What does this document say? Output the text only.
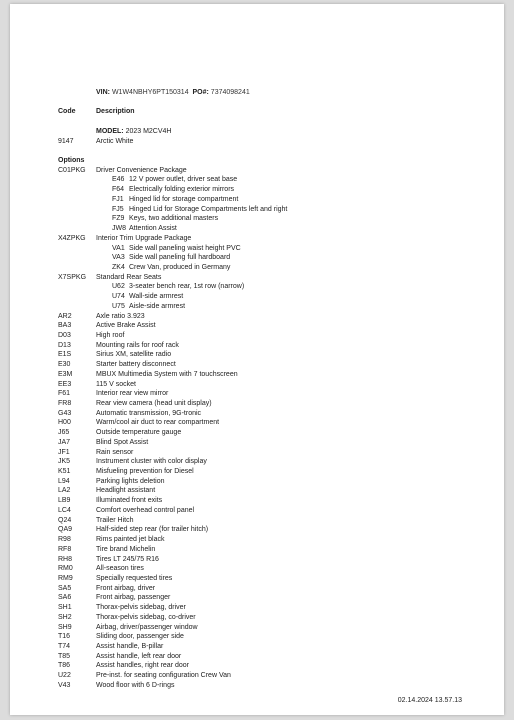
VIN: W1W4NBHY6PT150314 PO#: 7374098241
Code	Description
MODEL: 2023 M2CV4H
9147	Arctic White
Options
C01PKG	Driver Convenience Package
E46 12 V power outlet, driver seat base
F64 Electrically folding exterior mirrors
FJ1 Hinged lid for storage compartment
FJ5 Hinged Lid for Storage Compartments left and right
FZ9 Keys, two additional masters
JW8 Attention Assist
X4ZPKG	Interior Trim Upgrade Package
VA1 Side wall paneling waist height PVC
VA3 Side wall paneling full hardboard
ZK4 Crew Van, produced in Germany
X7SPKG	Standard Rear Seats
U62 3-seater bench rear, 1st row (narrow)
U74 Wall-side armrest
U75 Aisle-side armrest
AR2	Axle ratio 3.923
BA3	Active Brake Assist
D03	High roof
D13	Mounting rails for roof rack
E1S	Sirius XM, satellite radio
E30	Starter battery disconnect
E3M	MBUX Multimedia System with 7 touchscreen
EE3	115 V socket
F61	Interior rear view mirror
FR8	Rear view camera (head unit display)
G43	Automatic transmission, 9G-tronic
H00	Warm/cool air duct to rear compartment
J65	Outside temperature gauge
JA7	Blind Spot Assist
JF1	Rain sensor
JK5	Instrument cluster with color display
K51	Misfueling prevention for Diesel
L94	Parking lights deletion
LA2	Headlight assistant
LB9	Illuminated front exits
LC4	Comfort overhead control panel
Q24	Trailer Hitch
QA9	Half-sided step rear (for trailer hitch)
R98	Rims painted jet black
RF8	Tire brand Michelin
RH8	Tires LT 245/75 R16
RM0	All-season tires
RM9	Specially requested tires
SA5	Front airbag, driver
SA6	Front airbag, passenger
SH1	Thorax-pelvis sidebag, driver
SH2	Thorax-pelvis sidebag, co-driver
SH9	Airbag, driver/passenger window
T16	Sliding door, passenger side
T74	Assist handle, B-pillar
T85	Assist handle, left rear door
T86	Assist handles, right rear door
U22	Pre-inst. for seating configuration Crew Van
V43	Wood floor with 6 D-rings
02.14.2024 13.57.13
